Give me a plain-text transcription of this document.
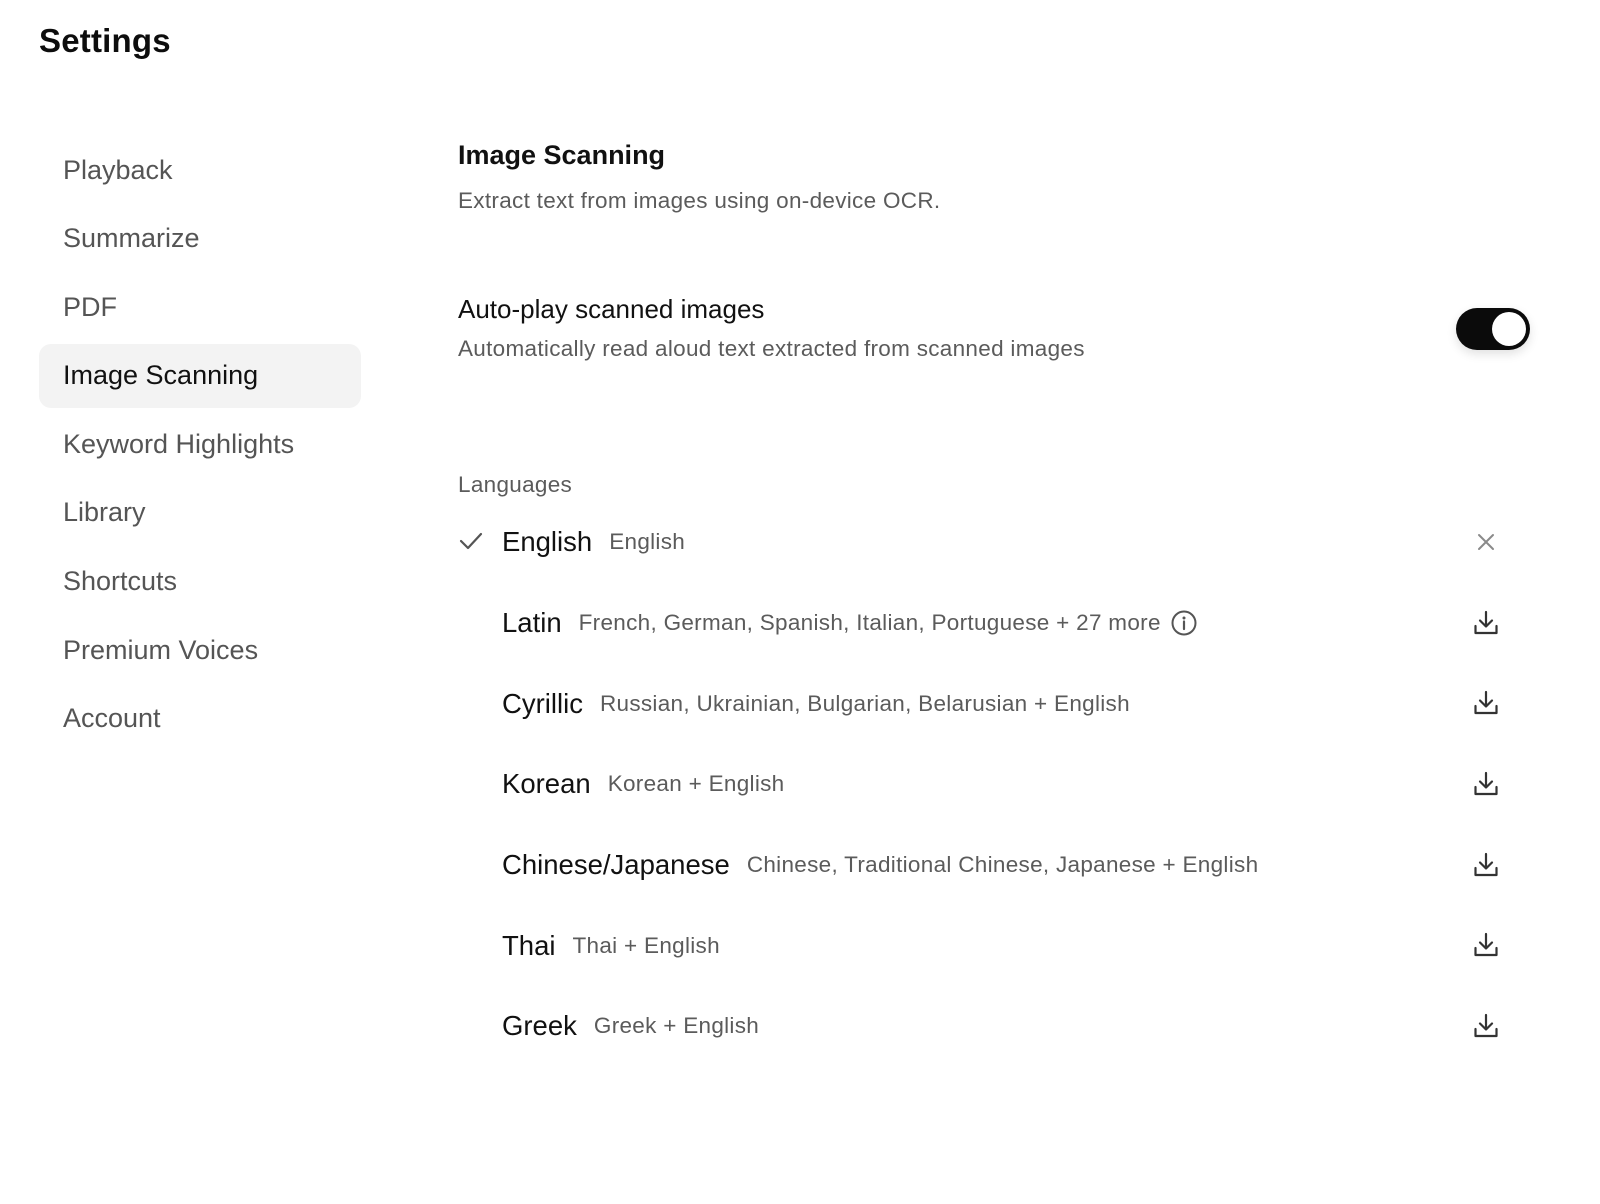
Settings
Playback
Summarize
PDF
Image Scanning
Keyword Highlights
Library
Shortcuts
Premium Voices
Account
Image Scanning
Extract text from images using on-device OCR.
Auto-play scanned images
Automatically read aloud text extracted from scanned images
Languages
English English
Latin French, German, Spanish, Italian, Portuguese + 27 more
Cyrillic Russian, Ukrainian, Bulgarian, Belarusian + English
Korean Korean + English
Chinese/Japanese Chinese, Traditional Chinese, Japanese + English
Thai Thai + English
Greek Greek + English
